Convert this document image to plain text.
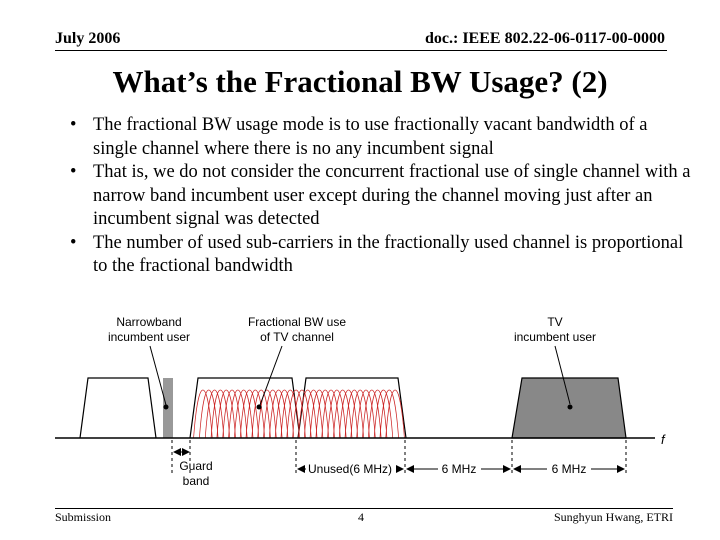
July 2006	doc.: IEEE 802.22-06-0117-00-0000
What’s the Fractional BW Usage? (2)
• The fractional BW usage mode is to use fractionally vacant bandwidth of a single channel where there is no any incumbent signal
• That is, we do not consider the concurrent fractional use of single channel with a narrow band incumbent user except during the channel moving just after an incumbent signal was detected
• The number of used sub-carriers in the fractionally used channel is proportional to the fractional bandwidth
Narrowband
incumbent user
Fractional BW use
of TV channel
TV
incumbent user
f
Guard
band
Unused(6 MHz)	6 MHz	6 MHz
Submission	4	Sunghyun Hwang, ETRI
